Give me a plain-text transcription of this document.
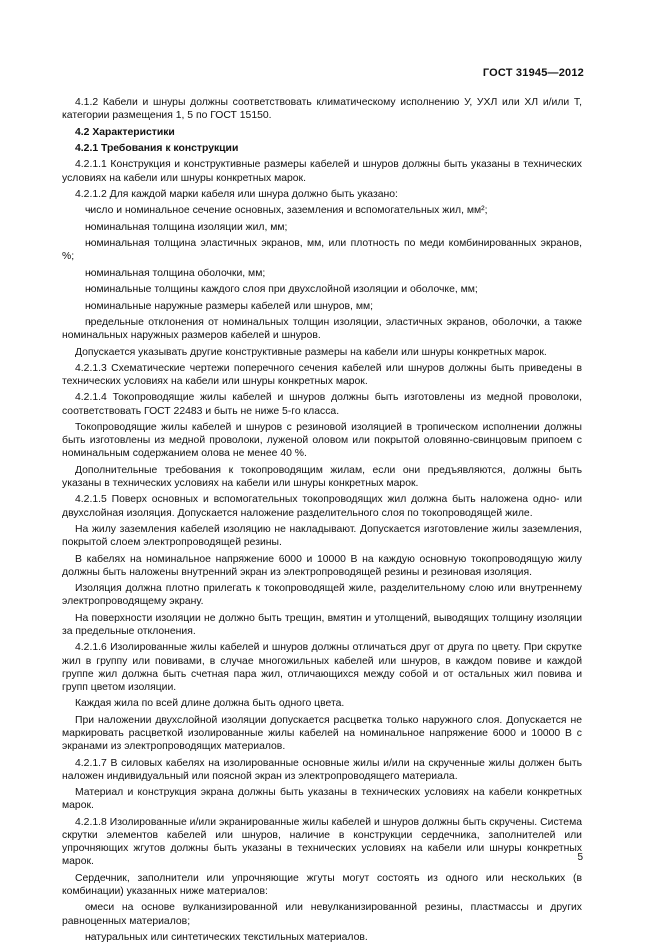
ГОСТ 31945—2012
4.1.2 Кабели и шнуры должны соответствовать климатическому исполнению У, УХЛ или ХЛ и/или Т, категории размещения 1, 5 по ГОСТ 15150.
4.2 Характеристики
4.2.1 Требования к конструкции
4.2.1.1 Конструкция и конструктивные размеры кабелей и шнуров должны быть указаны в технических условиях на кабели или шнуры конкретных марок.
4.2.1.2 Для каждой марки кабеля или шнура должно быть указано:
-число и номинальное сечение основных, заземления и вспомогательных жил, мм²;
-номинальная толщина изоляции жил, мм;
-номинальная толщина элaстичных экранов, мм, или плотность по меди комбинированных экранов, %;
-номинальная толщина оболочки, мм;
-номинальные толщины каждого слоя при двухслойной изоляции и оболочке, мм;
-номинальные наружные размеры кабелей или шнуров, мм;
-предельные отклонения от номинальных толщин изоляции, эластичных экранов, оболочки, а также номинальных наружных размеров кабелей и шнуров.
Допускается указывать другие конструктивные размеры на кабели или шнуры конкретных марок.
4.2.1.3 Схематические чертежи поперечного сечения кабелей или шнуров должны быть приведены в технических условиях на кабели или шнуры конкретных марок.
4.2.1.4 Токопроводящие жилы кабелей и шнуров должны быть изготовлены из медной проволоки, соответствовать ГОСТ 22483 и быть не ниже 5-го класса.
Токопроводящие жилы кабелей и шнуров с резиновой изоляцией в тропическом исполнении должны быть изготовлены из медной проволоки, луженой оловом или покрытой оловянно-свинцовым припоем с номинальным содержанием олова не менее 40 %.
Дополнительные требования к токопроводящим жилам, если они предъявляются, должны быть указаны в технических условиях на кабели или шнуры конкретных марок.
4.2.1.5 Поверх основных и вспомогательных токопроводящих жил должна быть наложена одно- или двухслойная изоляция. Допускается наложение разделительного слоя по токопроводящей жиле.
На жилу заземления кабелей изоляцию не накладывают. Допускается изготовление жилы заземления, покрытой слоем электропроводящей резины.
В кабелях на номинальное напряжение 6000 и 10000 В на каждую основную токопроводящую жилу должны быть наложены внутренний экран из электропроводящей резины и резиновая изоляция.
Изоляция должна плотно прилегать к токопроводящей жиле, разделительному слою или внутреннему электропроводящему экрану.
На поверхности изоляции не должно быть трещин, вмятин и утолщений, выводящих толщину изоляции за предельные отклонения.
4.2.1.6 Изолированные жилы кабелей и шнуров должны отличаться друг от друга по цвету. При скрутке жил в группу или повивами, в случае многожильных кабелей или шнуров, в каждом повиве и каждой группе жил должна быть счетная пара жил, отличающихся между собой и от остальных жил повива и групп цветом изоляции.
Каждая жила по всей длине должна быть одного цвета.
При наложении двухслойной изоляции допускается расцветка только наружного слоя. Допускается не маркировать расцветкой изолированные жилы кабелей на номинальное напряжение 6000 и 10000 В с экранами из электропроводящих материалов.
4.2.1.7 В силовых кабелях на изолированные основные жилы и/или на скрученные жилы должен быть наложен индивидуальный или поясной экран из электропроводящего материала.
Материал и конструкция экрана должны быть указаны в технических условиях на кабели конкретных марок.
4.2.1.8 Изолированные и/или экранированные жилы кабелей и шнуров должны быть скручены. Система скрутки элементов кабелей или шнуров, наличие в конструкции сердечника, заполнителей или упрочняющих жгутов должны быть указаны в технических условиях на кабели или шнуры конкретных марок.
Сердечник, заполнители или упрочняющие жгуты могут состоять из одного или нескольких (в комбинации) указанных ниже материалов:
-смеси на основе вулканизированной или невулканизированной резины, пластмассы и других равноценных материалов;
-натуральных или синтетических текстильных материалов.
5
